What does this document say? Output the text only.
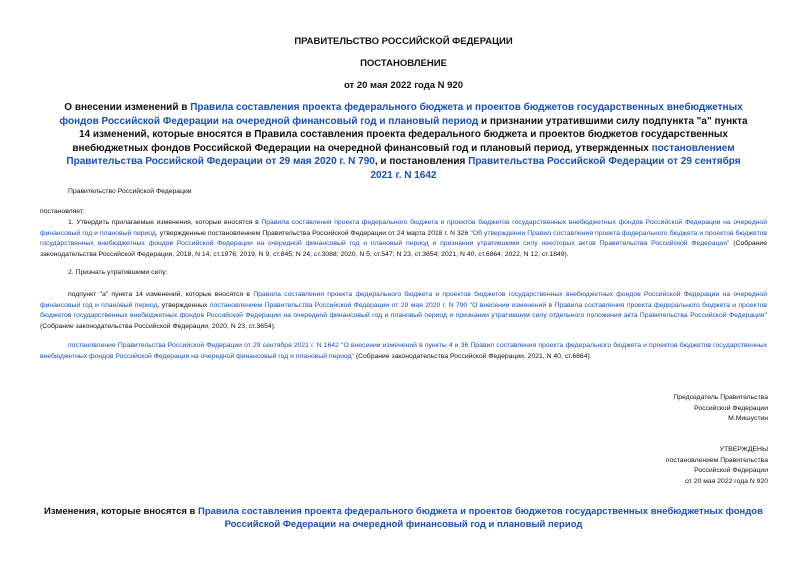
ПРАВИТЕЛЬСТВО РОССИЙСКОЙ ФЕДЕРАЦИИ
ПОСТАНОВЛЕНИЕ
от 20 мая 2022 года N 920
О внесении изменений в Правила составления проекта федерального бюджета и проектов бюджетов государственных внебюджетных фондов Российской Федерации на очередной финансовый год и плановый период и признании утратившими силу подпункта "а" пункта 14 изменений, которые вносятся в Правила составления проекта федерального бюджета и проектов бюджетов государственных внебюджетных фондов Российской Федерации на очередной финансовый год и плановый период, утвержденных постановлением Правительства Российской Федерации от 29 мая 2020 г. N 790, и постановления Правительства Российской Федерации от 29 сентября 2021 г. N 1642
Правительство Российской Федерации
постановляет:
1. Утвердить прилагаемые изменения, которые вносятся в Правила составления проекта федерального бюджета и проектов бюджетов государственных внебюджетных фондов Российской Федерации на очередной финансовый год и плановый период, утвержденные постановлением Правительства Российской Федерации от 24 марта 2018 г. N 326 "Об утверждении Правил составления проекта федерального бюджета и проектов бюджетов государственных внебюджетных фондов Российской Федерации на очередной финансовый год и плановый период и признании утратившими силу некоторых актов Правительства Российской Федерации" (Собрание законодательства Российской Федерации, 2018, N 14, ст.1976; 2019, N 9, ст.845; N 24, ст.3088; 2020, N 5, ст.547; N 23, ст.3654; 2021, N 40, ст.6864; 2022, N 12, ст.1849).
2. Признать утратившими силу:
подпункт "а" пункта 14 изменений, которые вносятся в Правила составления проекта федерального бюджета и проектов бюджетов государственных внебюджетных фондов Российской Федерации на очередной финансовый год и плановый период, утвержденных постановлением Правительства Российской Федерации от 29 мая 2020 г. N 790 "О внесении изменений в Правила составления проекта федерального бюджета и проектов бюджетов государственных внебюджетных фондов Российской Федерации на очередной финансовый год и плановый период и признании утратившим силу отдельного положения акта Правительства Российской Федерации" (Собрание законодательства Российской Федерации, 2020, N 23, ст.3654);
постановление Правительства Российской Федерации от 29 сентября 2021 г. N 1642 "О внесении изменений в пункты 4 и 36 Правил составления проекта федерального бюджета и проектов бюджетов государственных внебюджетных фондов Российской Федерации на очередной финансовый год и плановый период" (Собрание законодательства Российской Федерации, 2021, N 40, ст.6864).
Председатель Правительства
Российской Федерации
М.Мишустин
УТВЕРЖДЕНЫ
постановлением Правительства
Российской Федерации
от 20 мая 2022 года N 920
Изменения, которые вносятся в Правила составления проекта федерального бюджета и проектов бюджетов государственных внебюджетных фондов Российской Федерации на очередной финансовый год и плановый период
